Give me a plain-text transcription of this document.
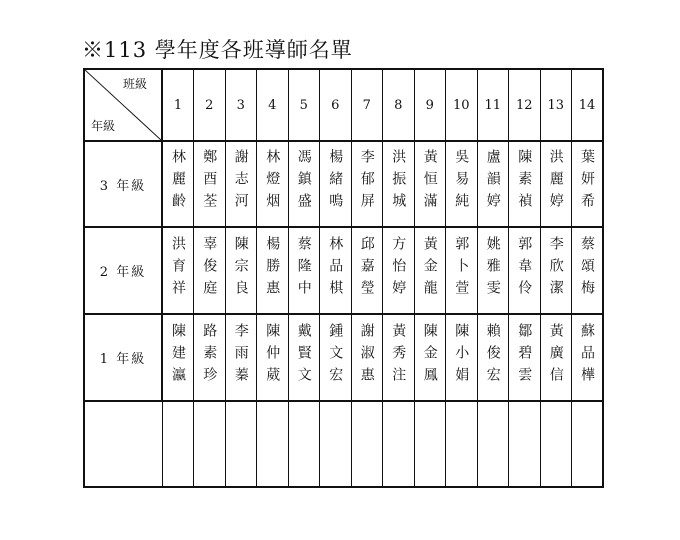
※113 學年度各班導師名單
班級
年級	1	2	3	4	5	6	7	8	9	10	11	12	13	14
3 年級	林麗齡	鄭酉荃	謝志河	林燈烟	馮鎮盛	楊緒鳴	李郁屏	洪振城	黃恒滿	吳易純	盧韻婷	陳素禎	洪麗婷	葉妍希
2 年級	洪育祥	辜俊庭	陳宗良	楊勝惠	蔡隆中	林品棋	邱嘉瑩	方怡婷	黃金龍	郭卜萱	姚雅雯	郭韋伶	李欣潔	蔡頌梅
1 年級	陳建瀛	路素珍	李雨蓁	陳仲葳	戴賢文	鍾文宏	謝淑惠	黃秀注	陳金鳳	陳小娟	賴俊宏	鄒碧雲	黃廣信	蘇品樺
